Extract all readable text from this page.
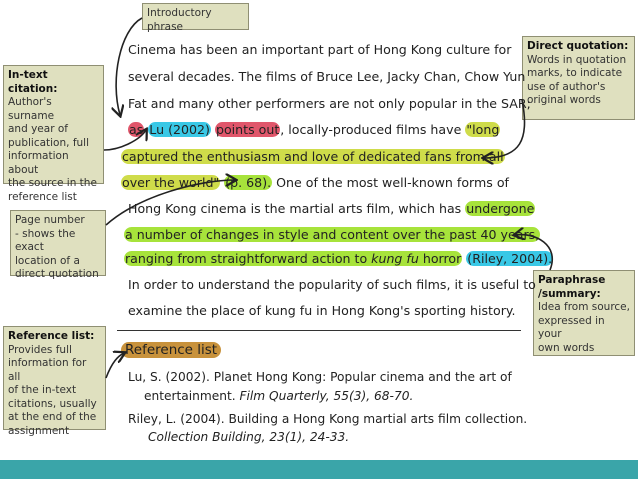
Introductory phrase
In-text citation:
Author's surname
and year of
publication, full
information about
the source in the
reference list
Page number
- shows the exact
location of a
direct quotation
Reference list:
Provides full
information for all
of the in-text
citations, usually
at the end of the
assignment
Direct quotation:
Words in quotation
marks, to indicate
use of author's
original words
Paraphrase
/summary:
Idea from source,
expressed in your
own words
Cinema has been an important part of Hong Kong culture for
several decades. The films of Bruce Lee, Jacky Chan, Chow Yun
Fat and many other performers are not only popular in the SAR;
as Lu (2002) points out, locally-produced films have "long
captured the enthusiasm and love of dedicated fans from all
over the world" (p. 68). One of the most well-known forms of
Hong Kong cinema is the martial arts film, which has undergone
a number of changes in style and content over the past 40 years,
ranging from straightforward action to kung fu horror (Riley, 2004).
In order to understand the popularity of such films, it is useful to
examine the place of kung fu in Hong Kong's sporting history.
Reference list
Lu, S. (2002). Planet Hong Kong: Popular cinema and the art of
entertainment. Film Quarterly, 55(3), 68-70.
Riley, L. (2004). Building a Hong Kong martial arts film collection.
Collection Building, 23(1), 24-33.
